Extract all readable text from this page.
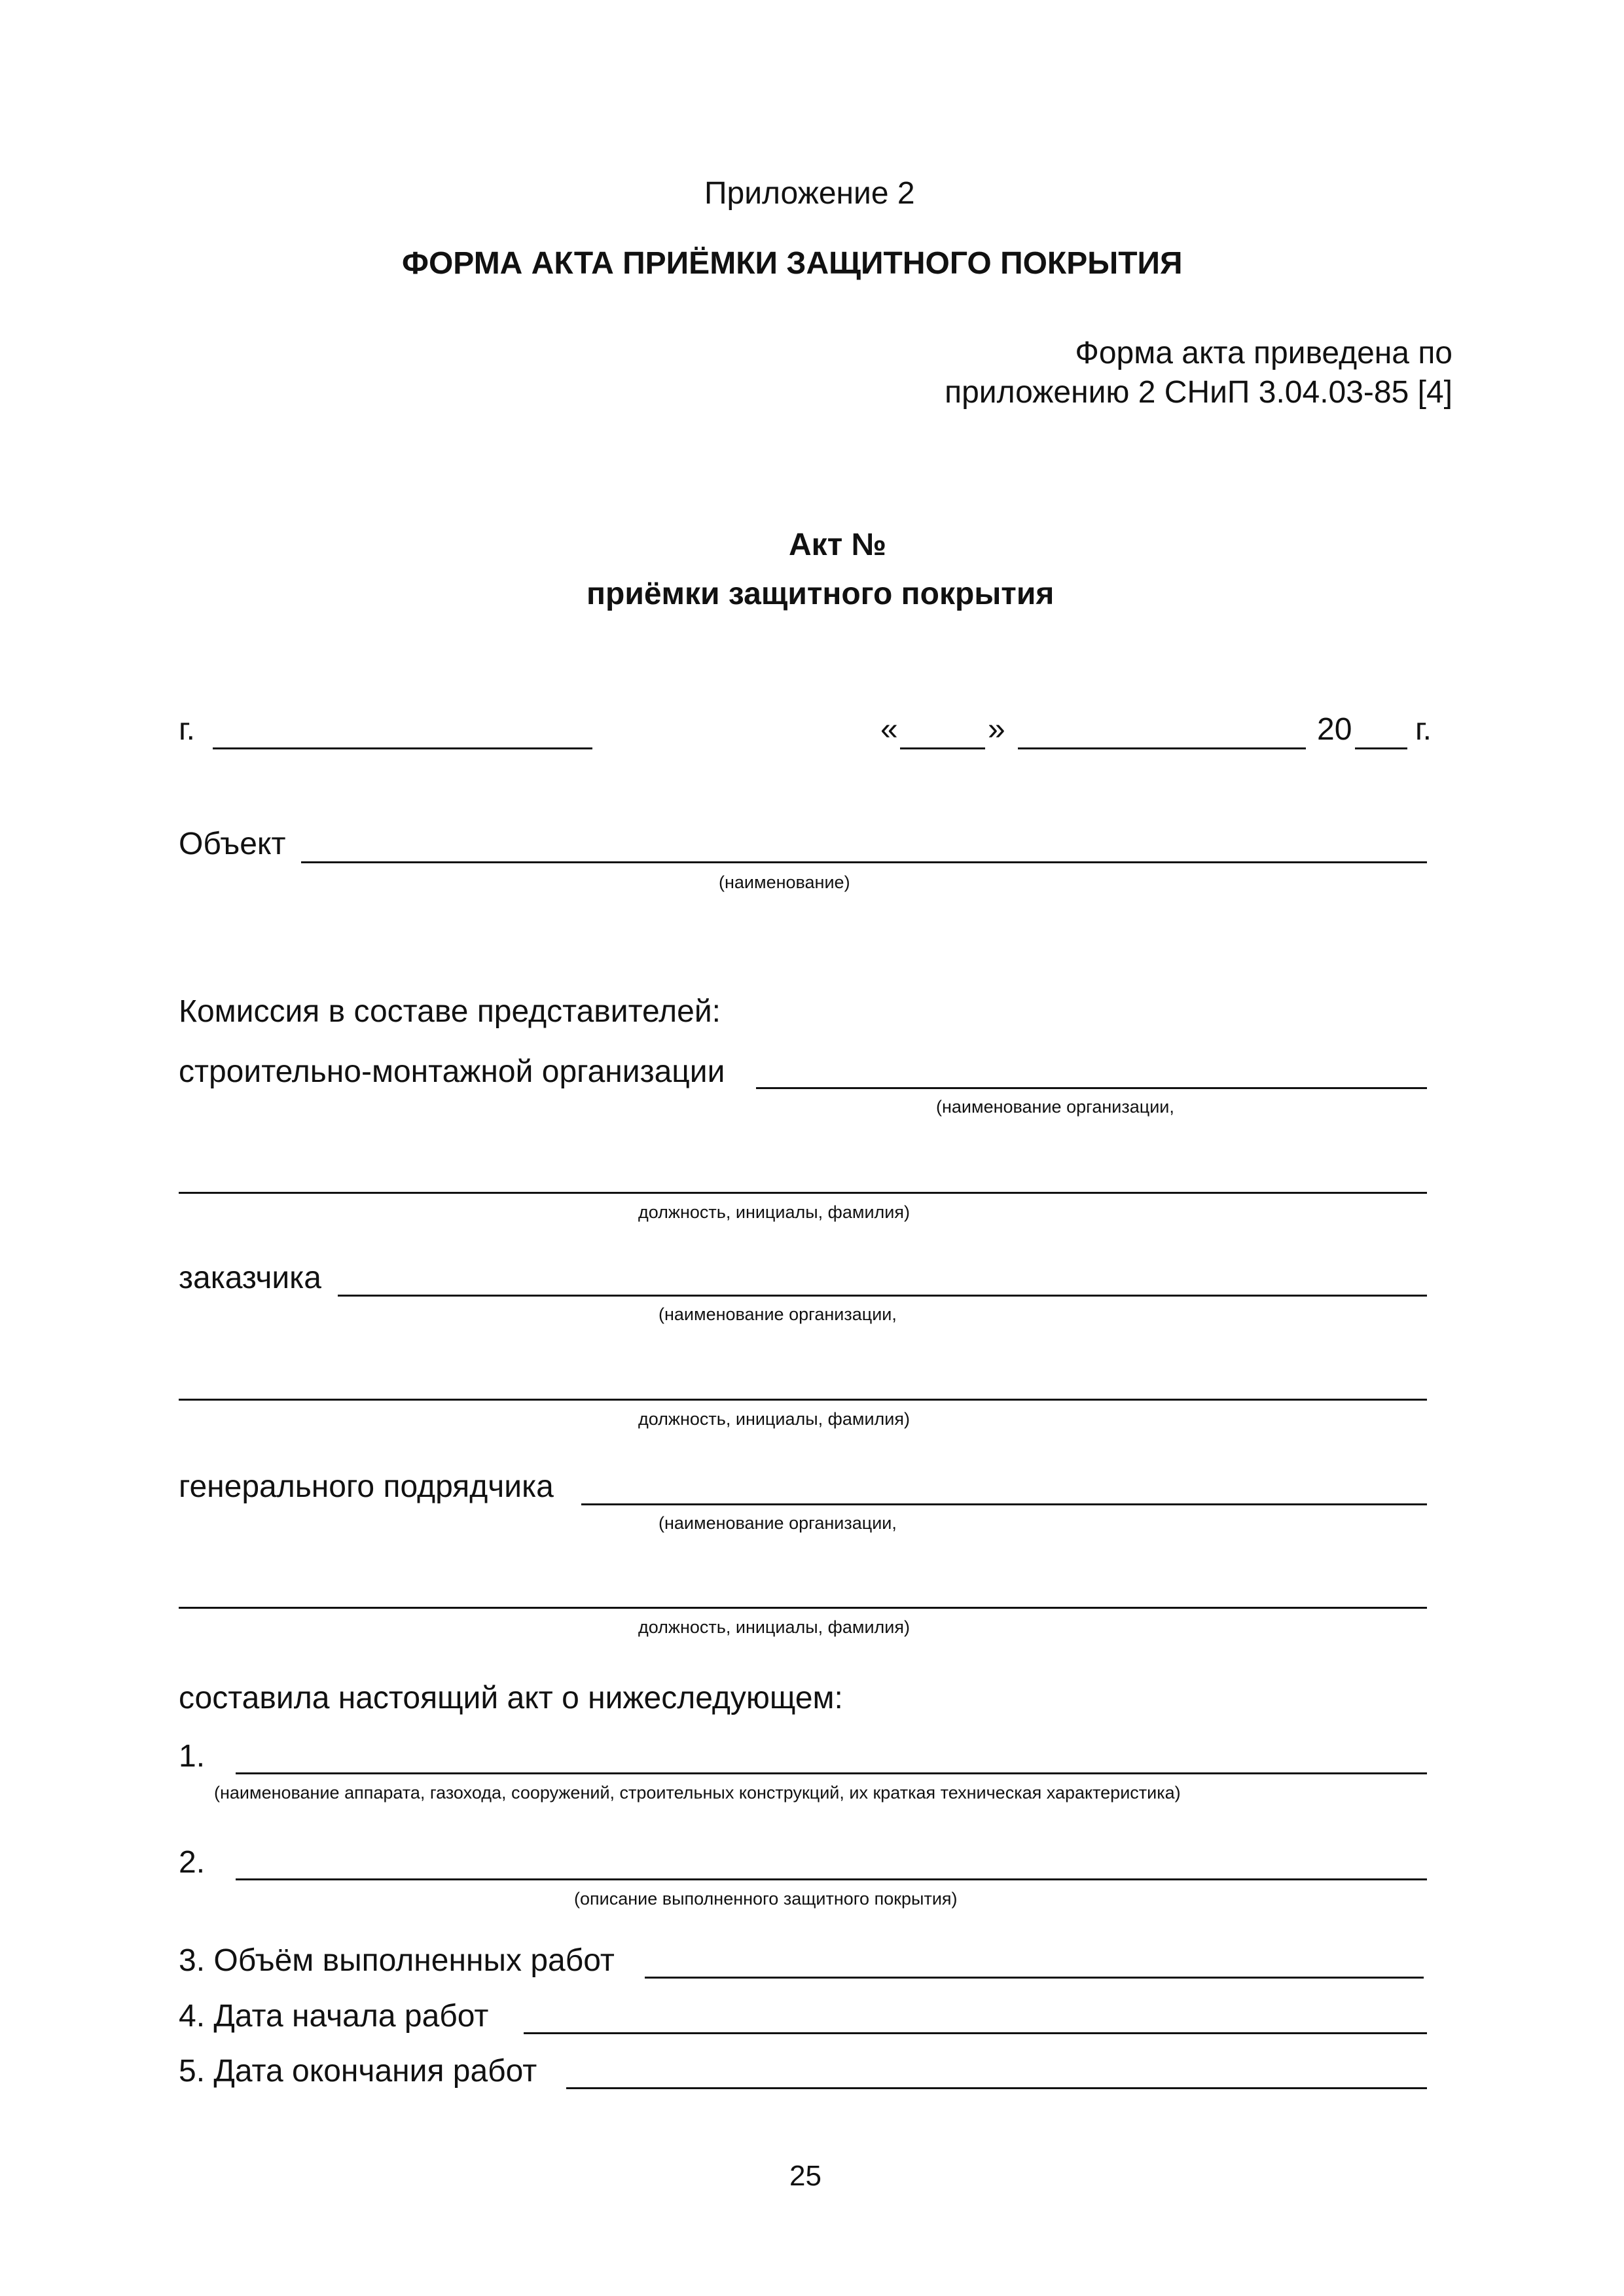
Приложение 2
ФОРМА АКТА ПРИЁМКИ ЗАЩИТНОГО ПОКРЫТИЯ
Форма акта приведена по
приложению 2 СНиП 3.04.03-85 [4]
Акт №
приёмки защитного покрытия
г.	«	»	20 г.
Объект
(наименование)
Комиссия в составе представителей:
строительно-монтажной организации
(наименование организации,
должность, инициалы, фамилия)
заказчика
(наименование организации,
должность, инициалы, фамилия)
генерального подрядчика
(наименование организации,
должность, инициалы, фамилия)
составила настоящий акт о нижеследующем:
1.
(наименование аппарата, газохода, сооружений, строительных конструкций, их краткая техническая характеристика)
2.
(описание выполненного защитного покрытия)
3. Объём выполненных работ
4. Дата начала работ
5. Дата окончания работ
25
